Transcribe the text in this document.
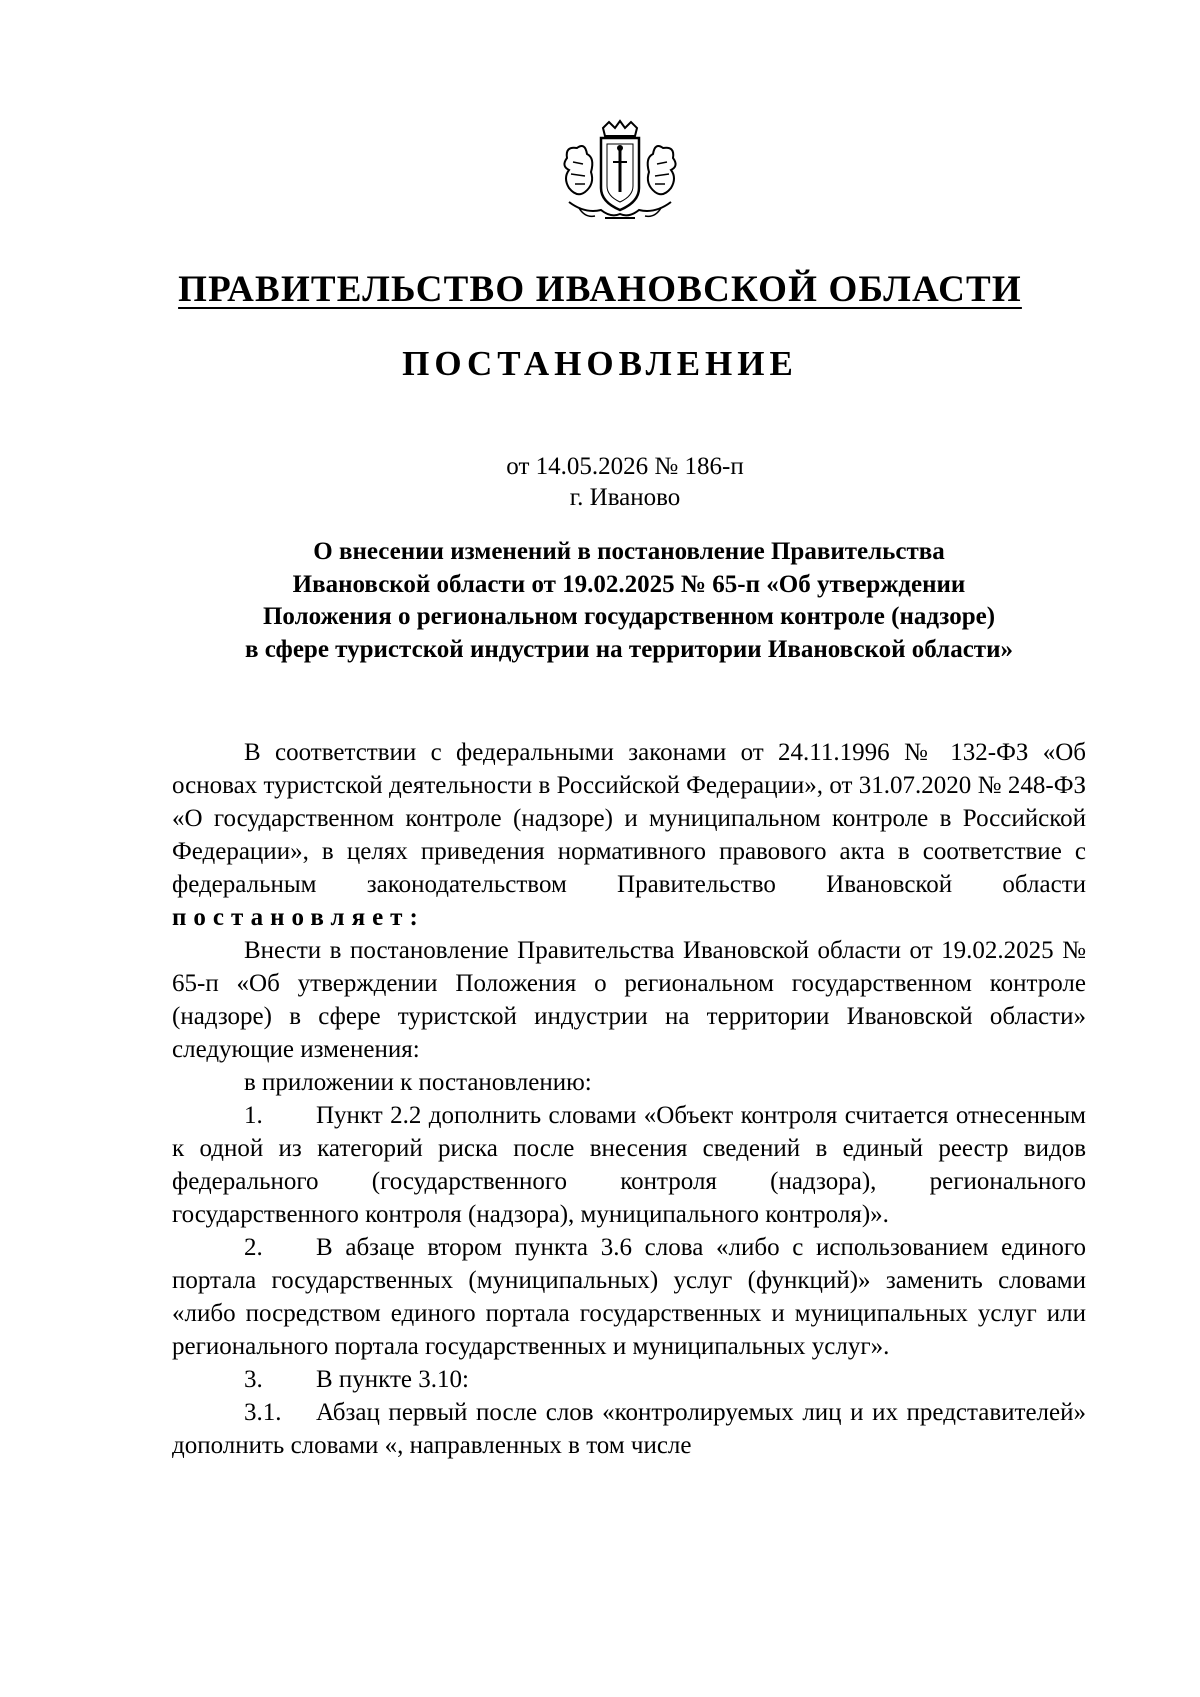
ПРАВИТЕЛЬСТВО ИВАНОВСКОЙ ОБЛАСТИ
ПОСТАНОВЛЕНИЕ
от 14.05.2026 № 186-п
г. Иваново
О внесении изменений в постановление Правительства
Ивановской области от 19.02.2025 № 65-п «Об утверждении
Положения о региональном государственном контроле (надзоре)
в сфере туристской индустрии на территории Ивановской области»

В соответствии с федеральными законами от 24.11.1996 № 132-ФЗ «Об основах туристской деятельности в Российской Федерации», от 31.07.2020 № 248-ФЗ «О государственном контроле (надзоре) и муниципальном контроле в Российской Федерации», в целях приведения нормативного правового акта в соответствие с федеральным законодательством Правительство Ивановской области постановляет:

Внести в постановление Правительства Ивановской области от 19.02.2025 № 65-п «Об утверждении Положения о региональном государственном контроле (надзоре) в сфере туристской индустрии на территории Ивановской области» следующие изменения:

в приложении к постановлению:

1. Пункт 2.2 дополнить словами «Объект контроля считается отнесенным к одной из категорий риска после внесения сведений в единый реестр видов федерального (государственного контроля (надзора), регионального государственного контроля (надзора), муниципального контроля)».

2. В абзаце втором пункта 3.6 слова «либо с использованием единого портала государственных (муниципальных) услуг (функций)» заменить словами «либо посредством единого портала государственных и муниципальных услуг или регионального портала государственных и муниципальных услуг».

3. В пункте 3.10:

3.1. Абзац первый после слов «контролируемых лиц и их представителей» дополнить словами «, направленных в том числе
